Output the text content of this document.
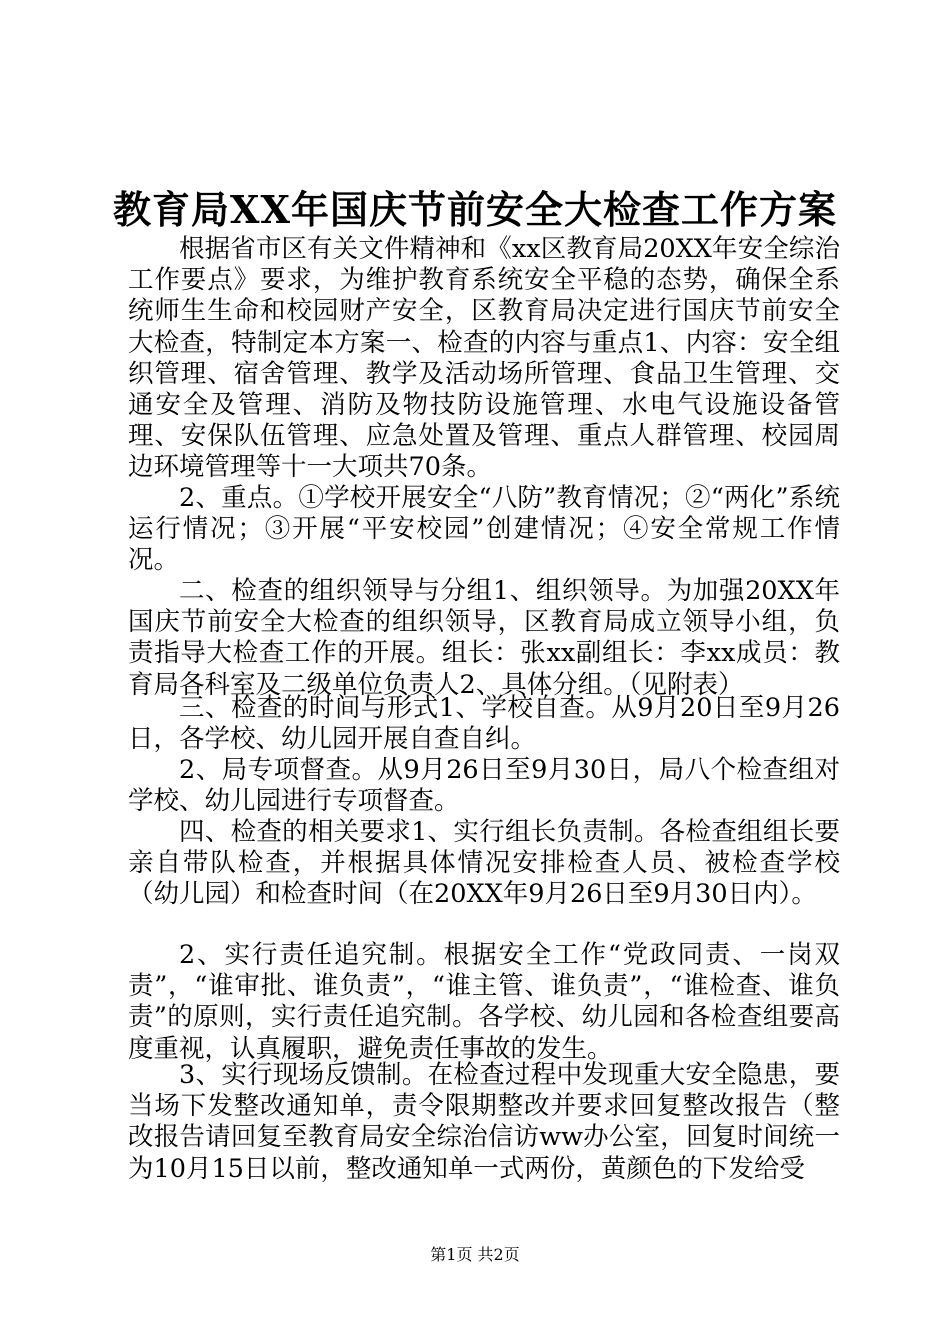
教育局XX年国庆节前安全大检查工作方案
根据省市区有关文件精神和《xx区教育局20XX年安全综治工作要点》要求，为维护教育系统安全平稳的态势，确保全系统师生生命和校园财产安全，区教育局决定进行国庆节前安全大检查，特制定本方案一、检查的内容与重点1、内容：安全组织管理、宿舍管理、教学及活动场所管理、食品卫生管理、交通安全及管理、消防及物技防设施管理、水电气设施设备管理、安保队伍管理、应急处置及管理、重点人群管理、校园周边环境管理等十一大项共70条。
2、重点。①学校开展安全“八防”教育情况；②“两化”系统运行情况；③开展“平安校园”创建情况；④安全常规工作情况。
二、检查的组织领导与分组1、组织领导。为加强20XX年国庆节前安全大检查的组织领导，区教育局成立领导小组，负责指导大检查工作的开展。组长：张xx副组长：李xx成员：教育局各科室及二级单位负责人2、具体分组。（见附表）
三、检查的时间与形式1、学校自查。从9月20日至9月26日，各学校、幼儿园开展自查自纠。
2、局专项督查。从9月26日至9月30日，局八个检查组对学校、幼儿园进行专项督查。
四、检查的相关要求1、实行组长负责制。各检查组组长要亲自带队检查，并根据具体情况安排检查人员、被检查学校（幼儿园）和检查时间（在20XX年9月26日至9月30日内）。
2、实行责任追究制。根据安全工作“党政同责、一岗双责”，“谁审批、谁负责”，“谁主管、谁负责”，“谁检查、谁负责”的原则，实行责任追究制。各学校、幼儿园和各检查组要高度重视，认真履职，避免责任事故的发生。
3、实行现场反馈制。在检查过程中发现重大安全隐患，要当场下发整改通知单，责令限期整改并要求回复整改报告（整改报告请回复至教育局安全综治信访ww办公室，回复时间统一为10月15日以前，整改通知单一式两份，黄颜色的下发给受
第1页 共2页
